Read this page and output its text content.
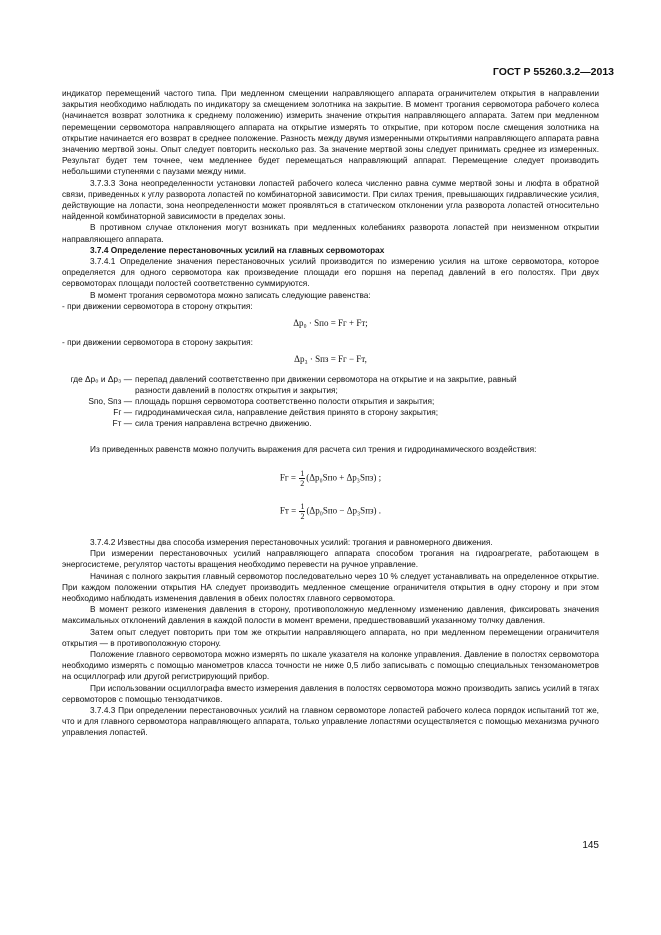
ГОСТ Р 55260.3.2—2013

индикатор перемещений частого типа. При медленном смещении направляющего аппарата ограничителем открытия в направлении закрытия необходимо наблюдать по индикатору за смещением золотника на закрытие. В момент трогания сервомотора рабочего колеса (начинается возврат золотника к среднему положению) измерить значение открытия направляющего аппарата. Затем при медленном перемещении сервомотора направляющего аппарата на открытие измерять то открытие, при котором после смещения золотника на открытие начинается его возврат в среднее положение. Разность между двумя измеренными открытиями направляющего аппарата равна значению мертвой зоны. Опыт следует повторить несколько раз. За значение мертвой зоны следует принимать среднее из измеренных. Результат будет тем точнее, чем медленнее будет перемещаться направляющий аппарат. Перемещение следует производить небольшими ступенями с паузами между ними.

3.7.3.3 Зона неопределенности установки лопастей рабочего колеса численно равна сумме мертвой зоны и люфта в обратной связи, приведенных к углу разворота лопастей по комбинаторной зависимости. При силах трения, превышающих гидравлические усилия, действующие на лопасти, зона неопределенности может проявляться в статическом отклонении угла разворота лопастей относительно найденной комбинаторной зависимости в пределах зоны.

В противном случае отклонения могут возникать при медленных колебаниях разворота лопастей при неизменном открытии направляющего аппарата.

3.7.4 Определение перестановочных усилий на главных сервомоторах

3.7.4.1 Определение значения перестановочных усилий производится по измерению усилия на штоке сервомотора, которое определяется для одного сервомотора как произведение площади его поршня на перепад давлений в его полостях. При двух сервомоторах площади полостей соответственно суммируются.

В момент трогания сервомотора можно записать следующие равенства:

- при движении сервомотора в сторону открытия:

Δp₀ · Sпо = Fг + Fт;

- при движении сервомотора в сторону закрытия:

Δp₃ · Sпз = Fг − Fт,
где Δp₀ и Δp₃ — перепад давлений соответственно при движении сервомотора на открытие и на закрытие, равный
разности давлений в полостях открытия и закрытия;
Sпо, Sпз — площадь поршня сервомотора соответственно полости открытия и закрытия;
Fг — гидродинамическая сила, направление действия принято в сторону закрытия;
Fт — сила трения направлена встречно движению.

Из приведенных равенств можно получить выражения для расчета сил трения и гидродинамического воздействия:

Fг = $\frac{1}{2} (\Delta p_0Sпо + \Delta p_3Sпз)$ ;
Fт = $\frac{1}{2} (\Delta p_0Sпо - \Delta p_3Sпз)$ .

3.7.4.2 Известны два способа измерения перестановочных усилий: трогания и равномерного движения.

При измерении перестановочных усилий направляющего аппарата способом трогания на гидроагрегате, работающем в энергосистеме, регулятор частоты вращения необходимо перевести на ручное управление.

Начиная с полного закрытия главный сервомотор последовательно через 10 % следует устанавливать на определенное открытие. При каждом положении открытия НА следует производить медленное смещение ограничителя открытия в одну сторону и при этом необходимо наблюдать изменения давления в обеих полостях главного сервомотора.

В момент резкого изменения давления в сторону, противоположную медленному изменению давления, фиксировать значения максимальных отклонений давления в каждой полости в момент времени, предшествовавший указанному толчку давления.

Затем опыт следует повторить при том же открытии направляющего аппарата, но при медленном перемещении ограничителя открытия — в противоположную сторону.

Положение главного сервомотора можно измерять по шкале указателя на колонке управления. Давление в полостях сервомотора необходимо измерять с помощью манометров класса точности не ниже 0,5 либо записывать с помощью специальных тензоманометров на осциллограф или другой регистрирующий прибор.

При использовании осциллографа вместо измерения давления в полостях сервомотора можно производить запись усилий в тягах сервомоторов с помощью тензодатчиков.

3.7.4.3 При определении перестановочных усилий на главном сервомоторе лопастей рабочего колеса порядок испытаний тот же, что и для главного сервомотора направляющего аппарата, только управление лопастями осуществляется с помощью механизма ручного управления лопастей.

145
